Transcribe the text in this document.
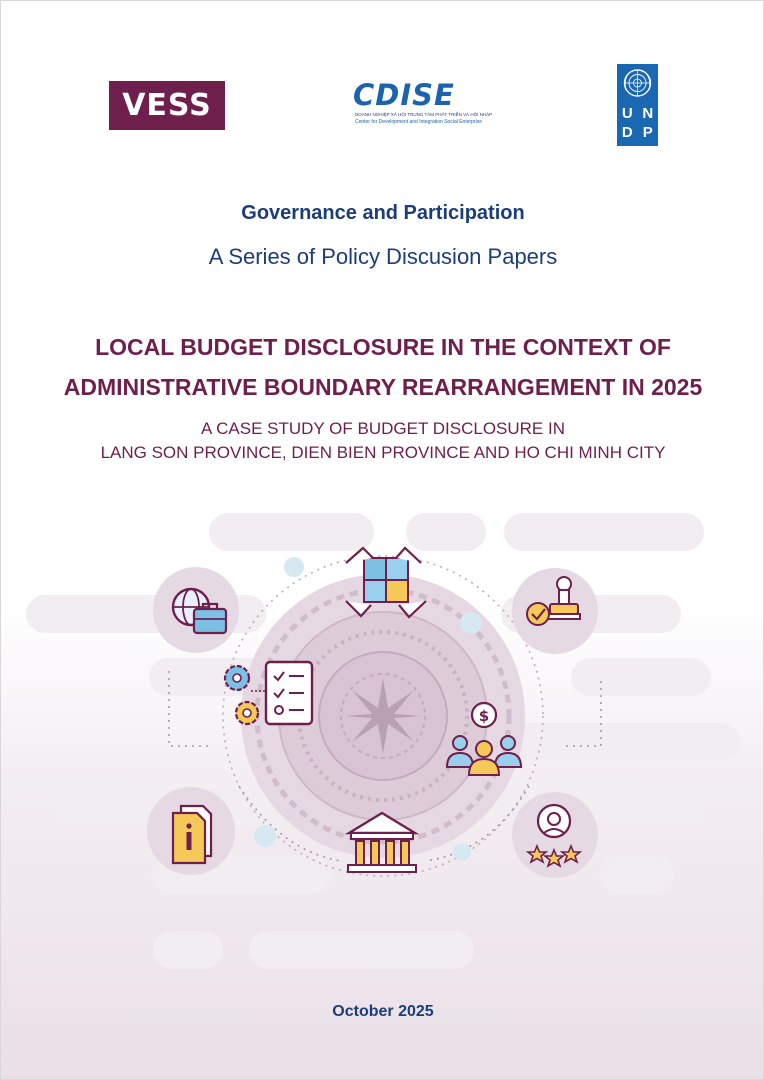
VESS	CDISE
DOANH NGHIỆP XÃ HỘI TRUNG TÂM PHÁT TRIỂN VÀ HỘI NHẬP
Center for Development and Integration Social Enterprise	U N
D P
Governance and Participation
A Series of Policy Discusion Papers
LOCAL BUDGET DISCLOSURE IN THE CONTEXT OF
ADMINISTRATIVE BOUNDARY REARRANGEMENT IN 2025
A CASE STUDY OF BUDGET DISCLOSURE IN
LANG SON PROVINCE, DIEN BIEN PROVINCE AND HO CHI MINH CITY
$
October 2025
